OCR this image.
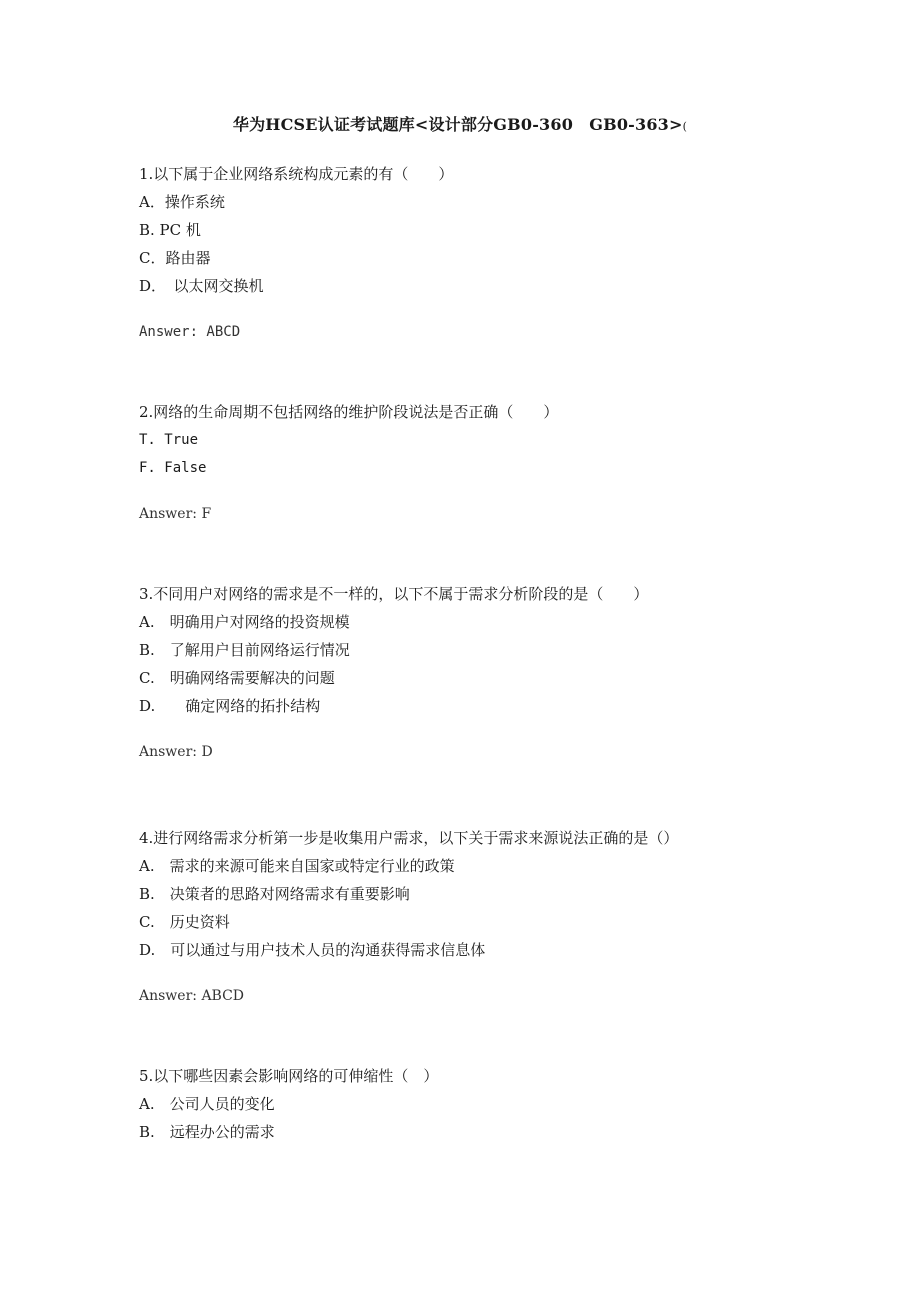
华为HCSE认证考试题库<设计部分GB0-360　GB0-363>(
1.以下属于企业网络系统构成元素的有（　　）
A．操作系统
B. PC 机
C．路由器
D．　以太网交换机
Answer: ABCD
2.网络的生命周期不包括网络的维护阶段说法是否正确（　　）
T. True
F. False
Answer: F
3.不同用户对网络的需求是不一样的，以下不属于需求分析阶段的是（　　）
A.　明确用户对网络的投资规模
B.　了解用户目前网络运行情况
C.　明确网络需要解决的问题
D.　　确定网络的拓扑结构
Answer: D
4.进行网络需求分析第一步是收集用户需求，以下关于需求来源说法正确的是（）
A.　需求的来源可能来自国家或特定行业的政策
B.　决策者的思路对网络需求有重要影响
C.　历史资料
D.　可以通过与用户技术人员的沟通获得需求信息体
Answer: ABCD
5.以下哪些因素会影响网络的可伸缩性（　）
A.　公司人员的变化
B.　远程办公的需求
